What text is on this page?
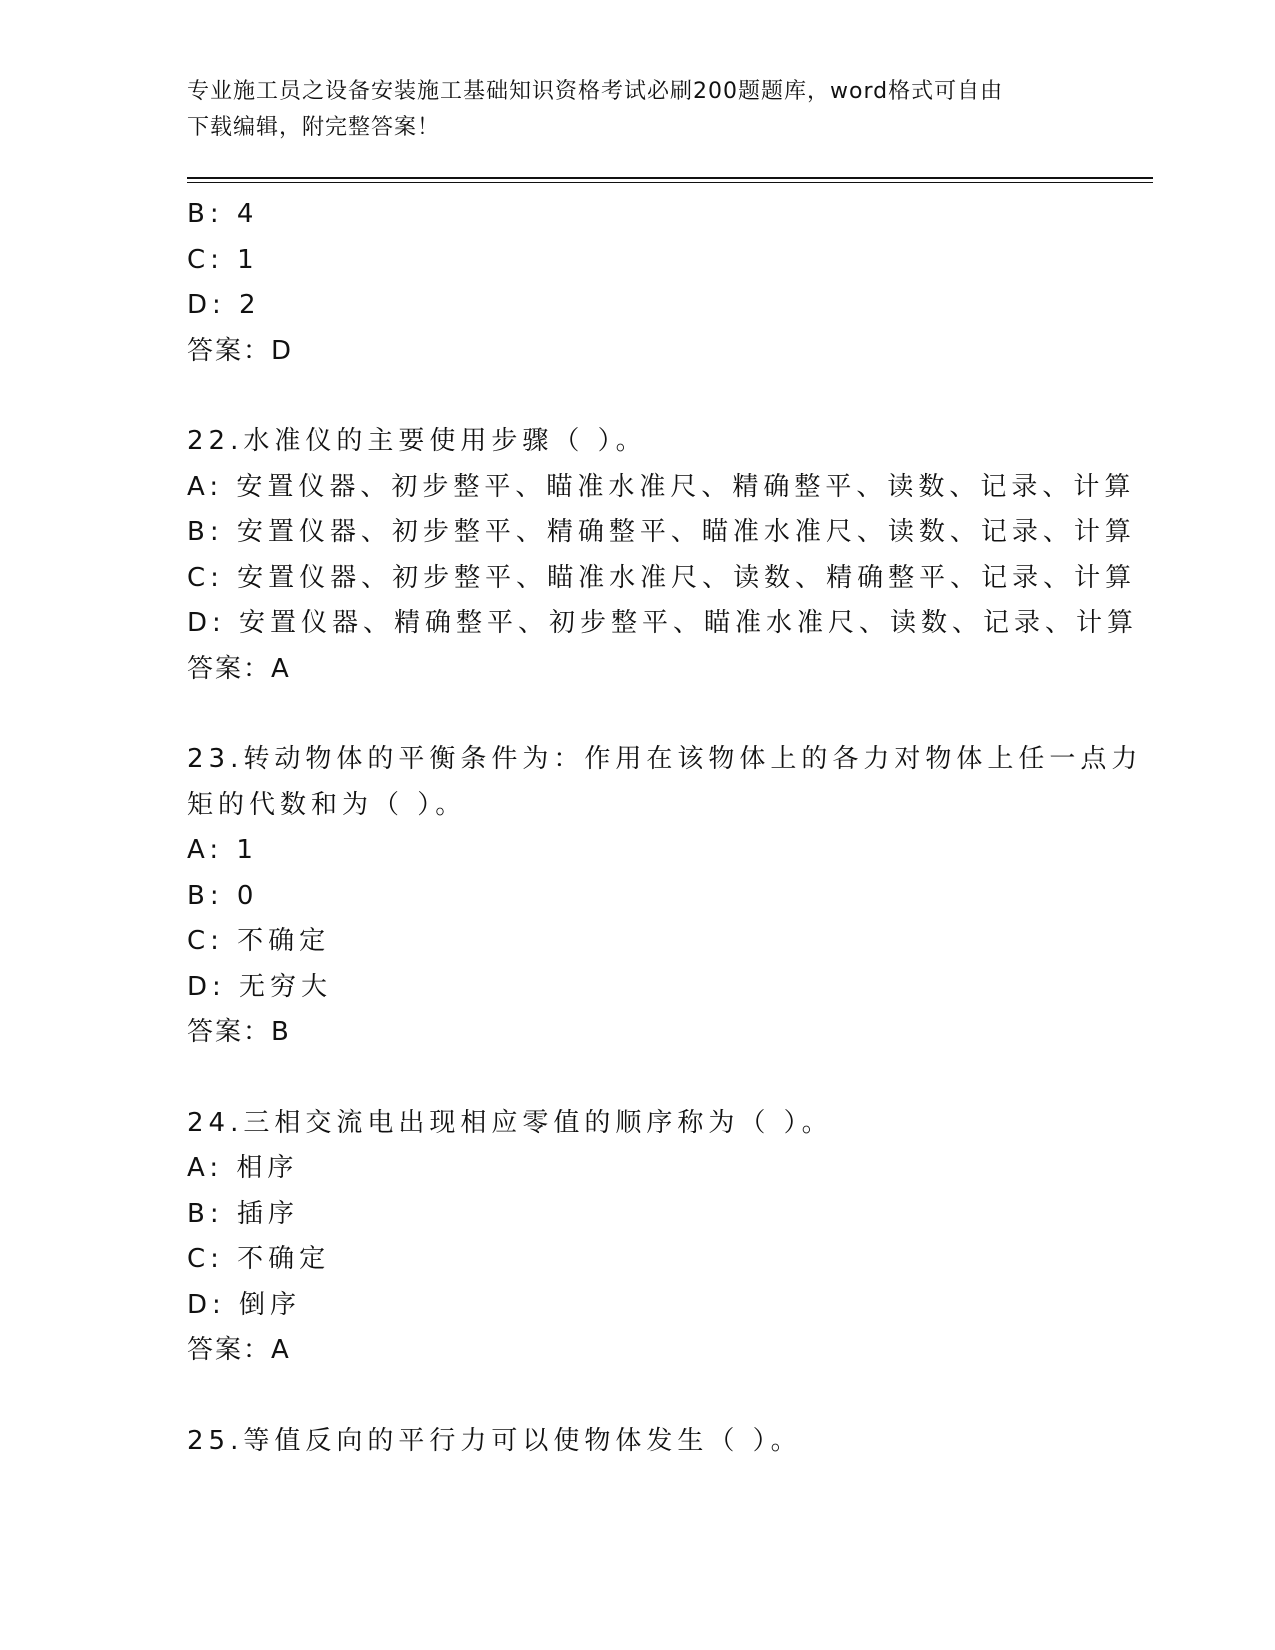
专业施工员之设备安装施工基础知识资格考试必刷200题题库，word格式可自由
下载编辑，附完整答案！
B: 4
C: 1
D: 2
答案：D
22.水准仪的主要使用步骤（ ）。
A: 安置仪器、初步整平、瞄准水准尺、精确整平、读数、记录、计算
B: 安置仪器、初步整平、精确整平、瞄准水准尺、读数、记录、计算
C: 安置仪器、初步整平、瞄准水准尺、读数、精确整平、记录、计算
D: 安置仪器、精确整平、初步整平、瞄准水准尺、读数、记录、计算
答案：A
23.转动物体的平衡条件为：作用在该物体上的各力对物体上任一点力
矩的代数和为（ ）。
A: 1
B: 0
C: 不确定
D: 无穷大
答案：B
24.三相交流电出现相应零值的顺序称为（ ）。
A: 相序
B: 插序
C: 不确定
D: 倒序
答案：A
25.等值反向的平行力可以使物体发生（ ）。
